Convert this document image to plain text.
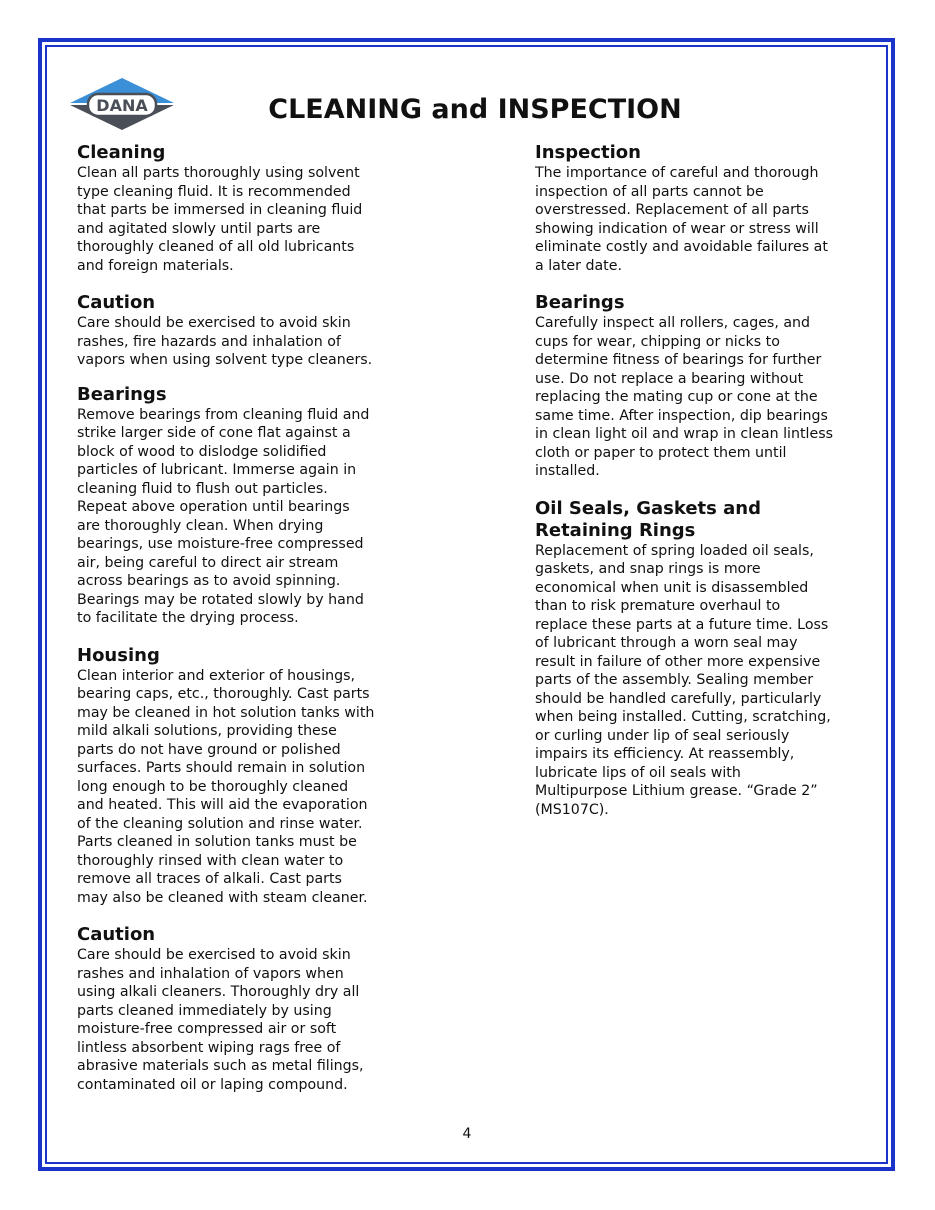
DANA	CLEANING and INSPECTION
Cleaning

Clean all parts thoroughly using solvent
type cleaning fluid. It is recommended
that parts be immersed in cleaning fluid
and agitated slowly until parts are
thoroughly cleaned of all old lubricants
and foreign materials.

Caution

Care should be exercised to avoid skin
rashes, fire hazards and inhalation of
vapors when using solvent type cleaners.

Bearings

Remove bearings from cleaning fluid and
strike larger side of cone flat against a
block of wood to dislodge solidified
particles of lubricant. Immerse again in
cleaning fluid to flush out particles.
Repeat above operation until bearings
are thoroughly clean. When drying
bearings, use moisture-free compressed
air, being careful to direct air stream
across bearings as to avoid spinning.
Bearings may be rotated slowly by hand
to facilitate the drying process.

Housing

Clean interior and exterior of housings,
bearing caps, etc., thoroughly. Cast parts
may be cleaned in hot solution tanks with
mild alkali solutions, providing these
parts do not have ground or polished
surfaces. Parts should remain in solution
long enough to be thoroughly cleaned
and heated. This will aid the evaporation
of the cleaning solution and rinse water.
Parts cleaned in solution tanks must be
thoroughly rinsed with clean water to
remove all traces of alkali. Cast parts
may also be cleaned with steam cleaner.

Caution

Care should be exercised to avoid skin
rashes and inhalation of vapors when
using alkali cleaners. Thoroughly dry all
parts cleaned immediately by using
moisture-free compressed air or soft
lintless absorbent wiping rags free of
abrasive materials such as metal filings,
contaminated oil or laping compound.

Inspection

The importance of careful and thorough
inspection of all parts cannot be
overstressed. Replacement of all parts
showing indication of wear or stress will
eliminate costly and avoidable failures at
a later date.

Bearings

Carefully inspect all rollers, cages, and
cups for wear, chipping or nicks to
determine fitness of bearings for further
use. Do not replace a bearing without
replacing the mating cup or cone at the
same time. After inspection, dip bearings
in clean light oil and wrap in clean lintless
cloth or paper to protect them until
installed.

Oil Seals, Gaskets and
Retaining Rings

Replacement of spring loaded oil seals,
gaskets, and snap rings is more
economical when unit is disassembled
than to risk premature overhaul to
replace these parts at a future time. Loss
of lubricant through a worn seal may
result in failure of other more expensive
parts of the assembly. Sealing member
should be handled carefully, particularly
when being installed. Cutting, scratching,
or curling under lip of seal seriously
impairs its efficiency. At reassembly,
lubricate lips of oil seals with
Multipurpose Lithium grease. “Grade 2”
(MS107C).

4
